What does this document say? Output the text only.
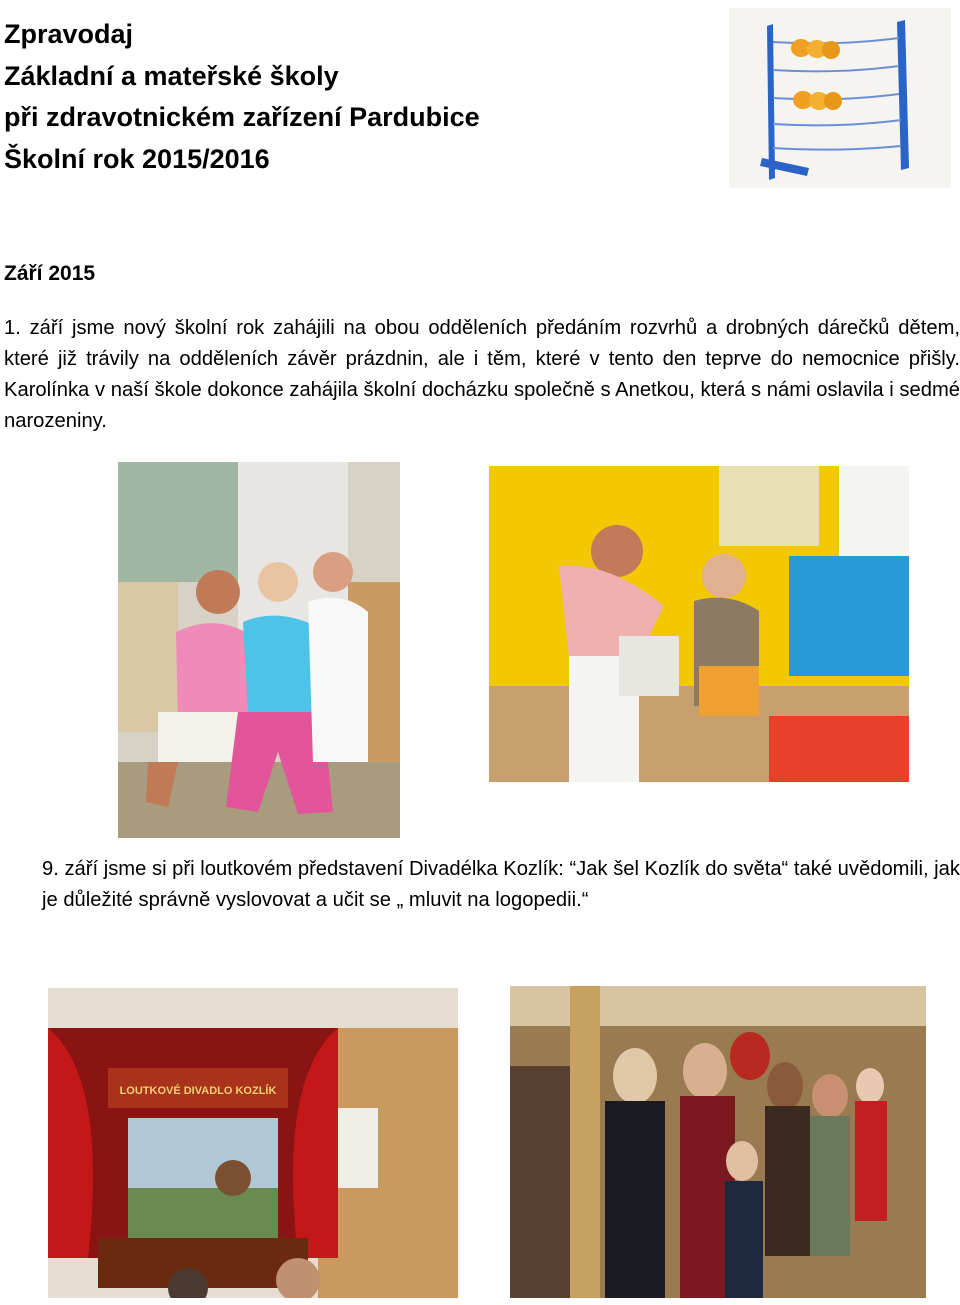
Zpravodaj
Základní a mateřské školy
při zdravotnickém zařízení Pardubice
Školní rok 2015/2016
Září 2015

1. září jsme nový školní rok zahájili na obou odděleních předáním rozvrhů a drobných dárečků dětem, které již trávily na odděleních závěr prázdnin, ale i těm, které v tento den teprve do nemocnice přišly. Karolínka v naší škole dokonce zahájila školní docházku společně s Anetkou, která s námi oslavila i sedmé narozeniny.

9. září jsme si při loutkovém představení Divadélka Kozlík: “Jak šel Kozlík do světa“ také uvědomili, jak je důležité správně vyslovovat a učit se „ mluvit na logopedii.“

LOUTKOVÉ DIVADLO KOZLÍK
